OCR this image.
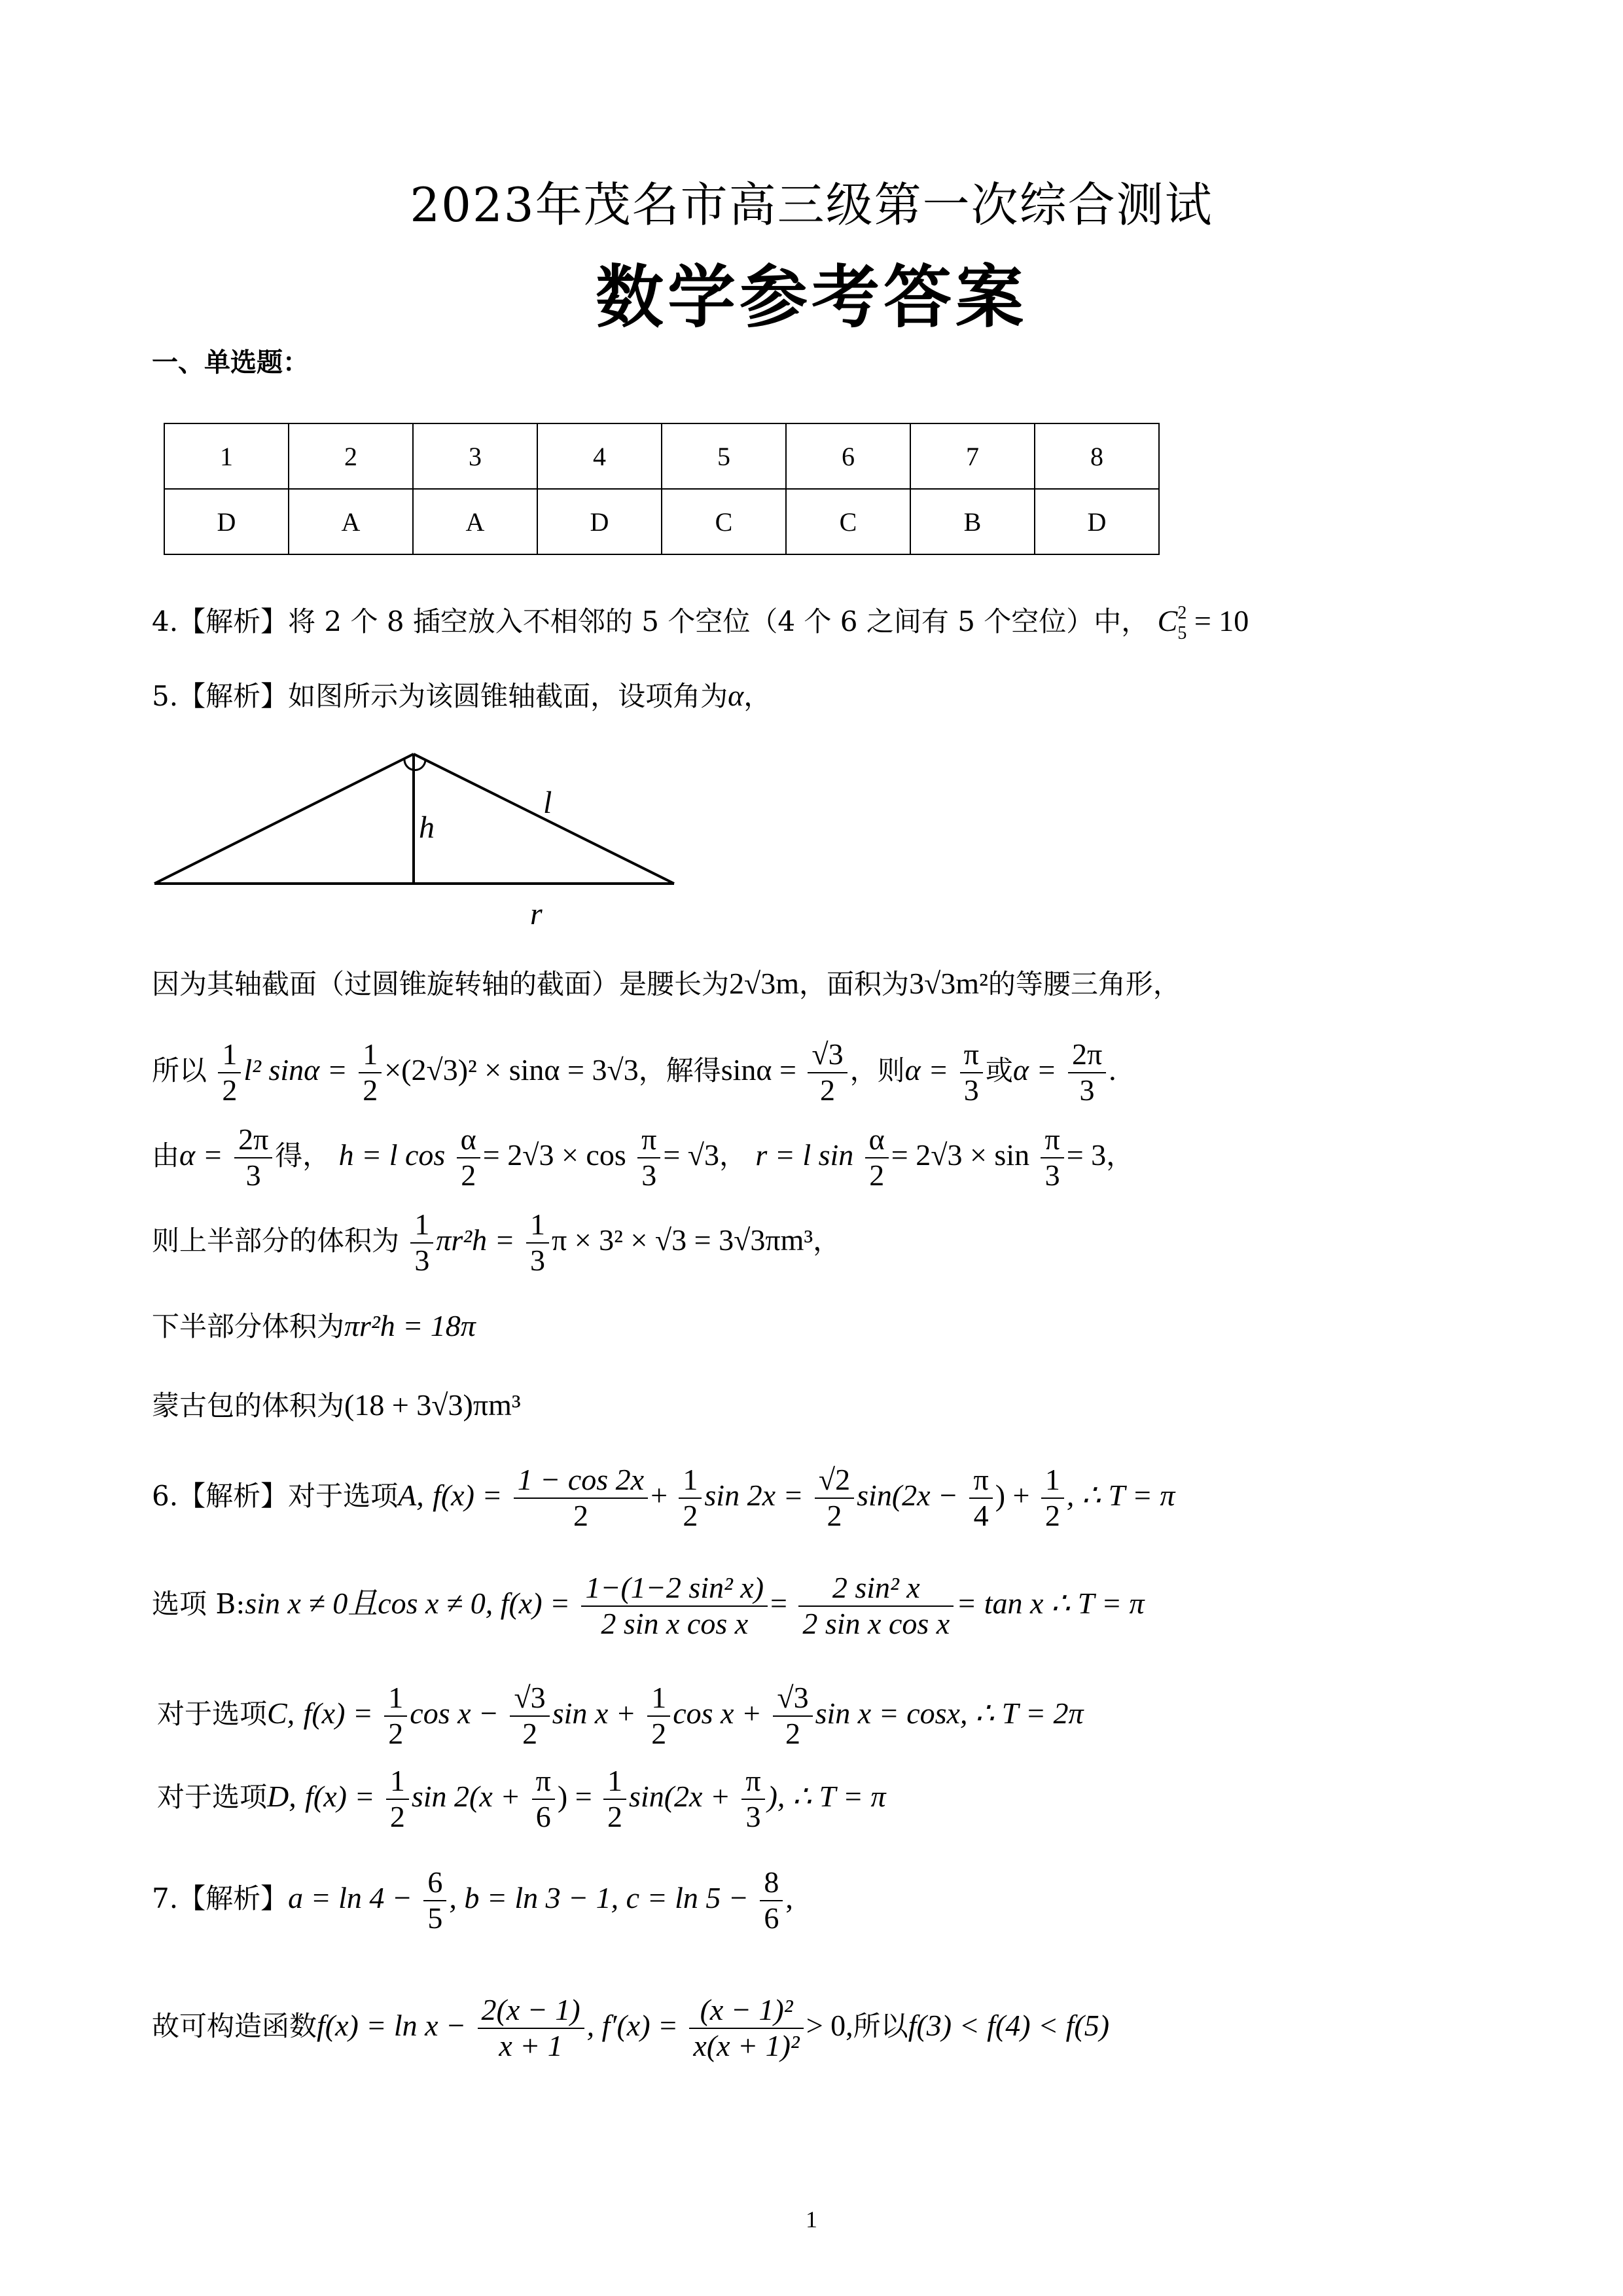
2023年茂名市高三级第一次综合测试
数学参考答案
一、单选题：
1	2	3	4	5	6	7	8
D	A	A	D	C	C	B	D
4.【解析】将 2 个 8 插空放入不相邻的 5 个空位（4 个 6 之间有 5 个空位）中， C 2
5 = 10
5.【解析】如图所示为该圆锥轴截面，设项角为α，
h
l
r
因为其轴截面（过圆锥旋转轴的截面）是腰长为2√3m，面积为3√3m²的等腰三角形，
所以 $\frac{1}{2} l^2$ $\sin\alpha = \frac{1}{2} \times(2√3)^2 \times \sin\alpha = 3√3$，解得$\sin\alpha = \frac{√3}{2}$ ，则$\alpha = \frac{\pi}{3}$ 或$\alpha = \frac{2\pi}{3}$ .
由$\alpha = \frac{2\pi}{3}$ 得， h = l $\cos \frac{\alpha}{2} = 2√3 \times \cos \frac{\pi}{3} = √3$， r = l $\sin \frac{\alpha}{2} = 2√3 \times \sin \frac{\pi}{3} = 3$，
则上半部分的体积为 $\frac{1}{3} \pi r^2h = \frac{1}{3}$ π × 3² × √3 = 3√3πm³，
下半部分体积为πr²h = 18π
蒙古包的体积为(18 + 3√3)πm³
6.【解析】对于选项A, $f(x) = \frac{1 - \cos 2x}{2} + \frac{1}{2}$ $\sin 2x = \frac{√2}{2} \sin(2x - \frac{\pi}{4}$ ) + $\frac{1}{2}$ , ∴ T = π
选项 B:sin x ≠ 0且cos x ≠ 0, $f(x) = \frac{\text{1−(1−2 sin² x)}}{\text{2 sin x cos x}} = \frac{\text{2 sin² x}}{\text{2 sin x cos x}} = \tan x$ ∴ T = π
对于选项C, $f(x) = \frac{1}{2}$ $\cos x - \frac{√3}{2}$ $\sin x + \frac{1}{2}$ $\cos x + \frac{√3}{2}$ sin x = cosx, ∴ T = 2π
对于选项D, $f(x) = \frac{1}{2}$ $\sin 2(x + \frac{\pi}{6}$ ) = $\frac{1}{2} \sin(2x + \frac{\pi}{3}$ ), ∴ T = π
7.【解析】$a = \ln 4 - \frac{6}{5}$ , b = ln 3 − 1, $c = \ln 5 - \frac{8}{6}$ ,
故可构造函数$f(x) = \ln x - \frac{2(x - 1)}{x + 1}$ , $f'(x) = \frac{\text{(x − 1)²}}{\text{x(x + 1)²}} > 0$,所以f(3) < f(4) < f(5)
1
